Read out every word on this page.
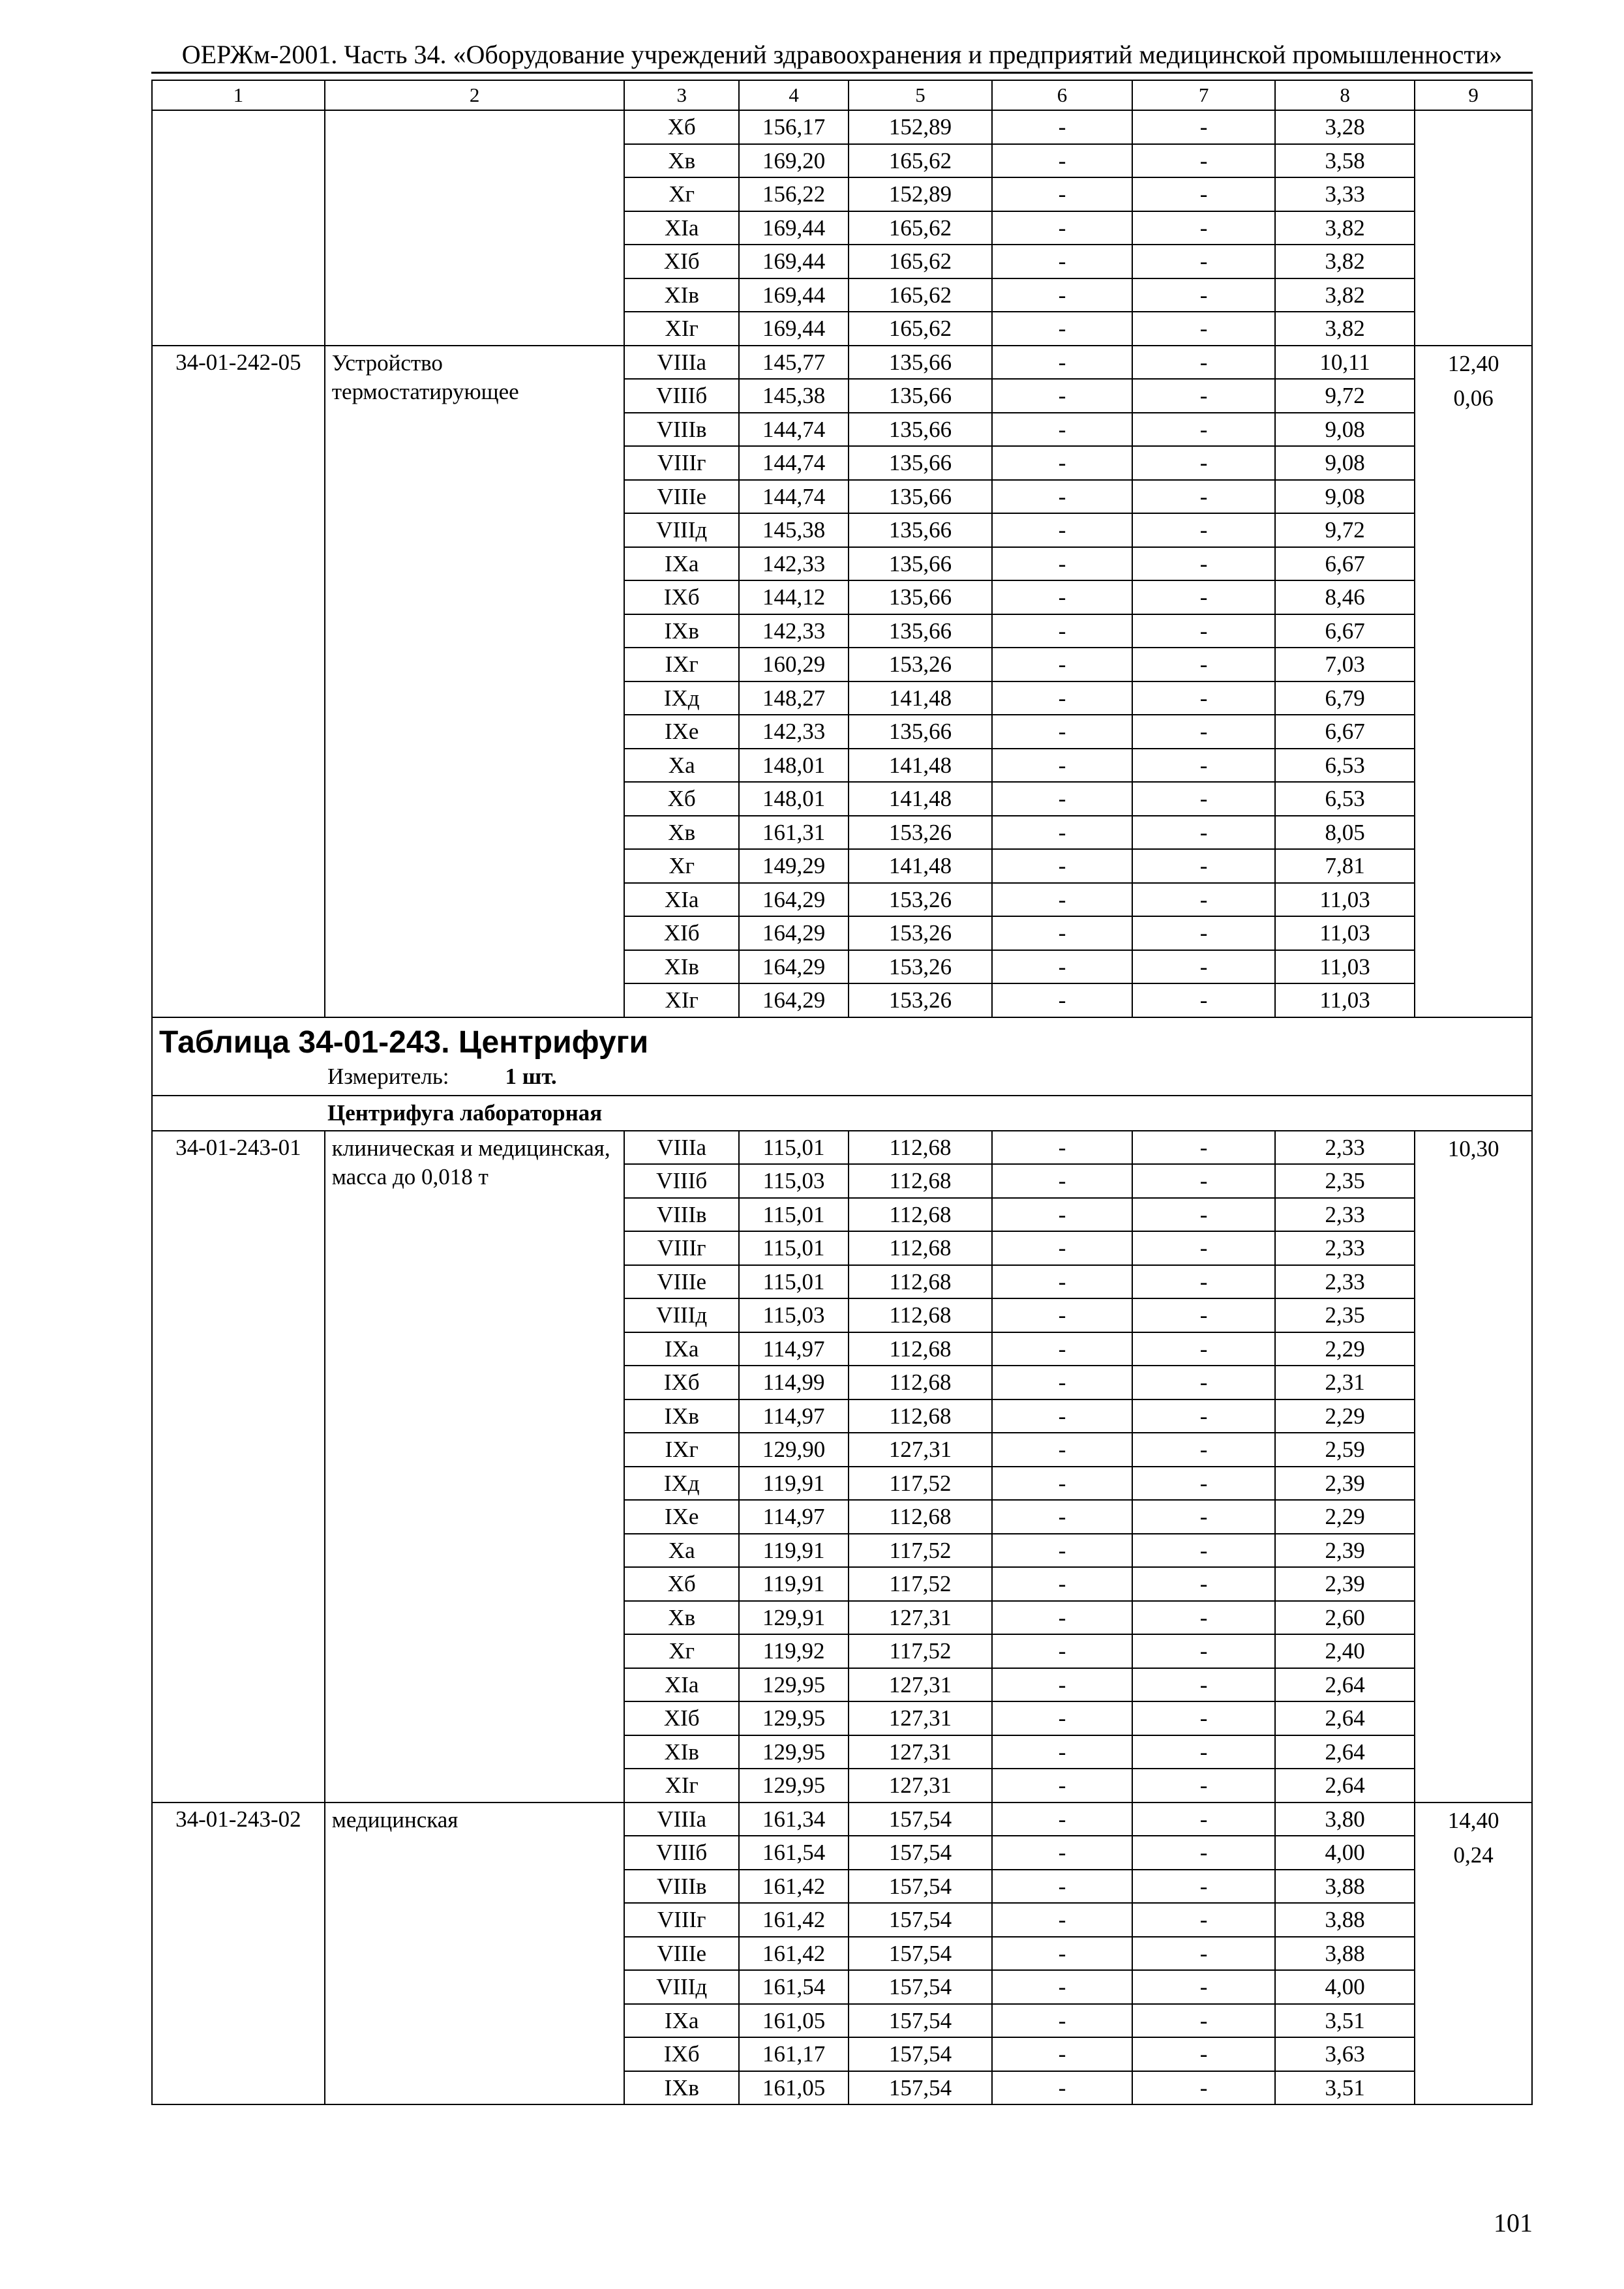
ОЕРЖм-2001. Часть 34. «Оборудование учреждений здравоохранения и предприятий медицинской промышленности»
1	2	3	4	5	6	7	8	9
		Хб	156,17	152,89	-	-	3,28	
		Хв	169,20	165,62	-	-	3,58	
		Хг	156,22	152,89	-	-	3,33	
		ХIа	169,44	165,62	-	-	3,82	
		ХIб	169,44	165,62	-	-	3,82	
		ХIв	169,44	165,62	-	-	3,82	
		ХIг	169,44	165,62	-	-	3,82	
34-01-242-05	Устройство термостатирующее	VIIIа	145,77	135,66	-	-	10,11	12,40
0,06

		VIIIб	145,38	135,66	-	-	9,72	
		VIIIв	144,74	135,66	-	-	9,08	
		VIIIг	144,74	135,66	-	-	9,08	
		VIIIе	144,74	135,66	-	-	9,08	
		VIIIд	145,38	135,66	-	-	9,72	
		IХа	142,33	135,66	-	-	6,67	
		IХб	144,12	135,66	-	-	8,46	
		IХв	142,33	135,66	-	-	6,67	
		IХг	160,29	153,26	-	-	7,03	
		IХд	148,27	141,48	-	-	6,79	
		IХе	142,33	135,66	-	-	6,67	
		Ха	148,01	141,48	-	-	6,53	
		Хб	148,01	141,48	-	-	6,53	
		Хв	161,31	153,26	-	-	8,05	
		Хг	149,29	141,48	-	-	7,81	
		ХIа	164,29	153,26	-	-	11,03	
		ХIб	164,29	153,26	-	-	11,03	
		ХIв	164,29	153,26	-	-	11,03	
		ХIг	164,29	153,26	-	-	11,03	

Таблица 34-01-243. Центрифуги
Измеритель: 1 шт.								

Центрифуга лабораторная								
34-01-243-01	клиническая и медицинская, масса до 0,018 т	VIIIа	115,01	112,68	-	-	2,33	10,30

		VIIIб	115,03	112,68	-	-	2,35	
		VIIIв	115,01	112,68	-	-	2,33	
		VIIIг	115,01	112,68	-	-	2,33	
		VIIIе	115,01	112,68	-	-	2,33	
		VIIIд	115,03	112,68	-	-	2,35	
		IХа	114,97	112,68	-	-	2,29	
		IХб	114,99	112,68	-	-	2,31	
		IХв	114,97	112,68	-	-	2,29	
		IХг	129,90	127,31	-	-	2,59	
		IХд	119,91	117,52	-	-	2,39	
		IХе	114,97	112,68	-	-	2,29	
		Ха	119,91	117,52	-	-	2,39	
		Хб	119,91	117,52	-	-	2,39	
		Хв	129,91	127,31	-	-	2,60	
		Хг	119,92	117,52	-	-	2,40	
		ХIа	129,95	127,31	-	-	2,64	
		ХIб	129,95	127,31	-	-	2,64	
		ХIв	129,95	127,31	-	-	2,64	
		ХIг	129,95	127,31	-	-	2,64	
34-01-243-02	медицинская	VIIIа	161,34	157,54	-	-	3,80	14,40
0,24

		VIIIб	161,54	157,54	-	-	4,00	
		VIIIв	161,42	157,54	-	-	3,88	
		VIIIг	161,42	157,54	-	-	3,88	
		VIIIе	161,42	157,54	-	-	3,88	
		VIIIд	161,54	157,54	-	-	4,00	
		IХа	161,05	157,54	-	-	3,51	
		IХб	161,17	157,54	-	-	3,63	
		IХв	161,05	157,54	-	-	3,51	
101
